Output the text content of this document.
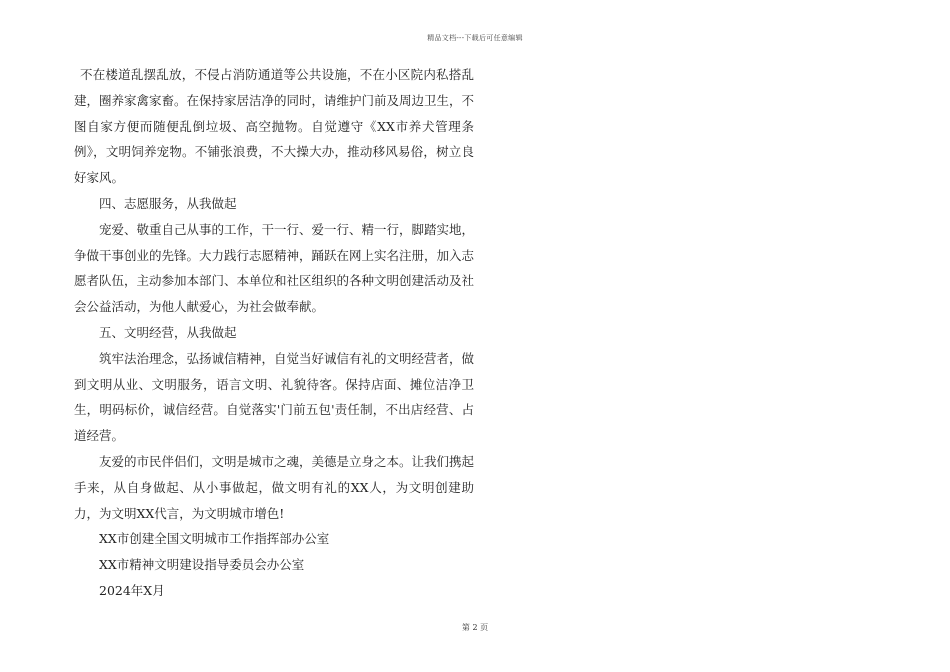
精品文档---下载后可任意编辑

不在楼道乱摆乱放，不侵占消防通道等公共设施，不在小区院内私搭乱建，圈养家禽家畜。在保持家居洁净的同时，请维护门前及周边卫生，不图自家方便而随便乱倒垃圾、高空抛物。自觉遵守《XX市养犬管理条例》，文明饲养宠物。不铺张浪费，不大操大办，推动移风易俗，树立良好家风。

四、志愿服务，从我做起

宠爱、敬重自己从事的工作，干一行、爱一行、精一行，脚踏实地，争做干事创业的先锋。大力践行志愿精神，踊跃在网上实名注册，加入志愿者队伍，主动参加本部门、本单位和社区组织的各种文明创建活动及社会公益活动，为他人献爱心，为社会做奉献。

五、文明经营，从我做起

筑牢法治理念，弘扬诚信精神，自觉当好诚信有礼的文明经营者，做到文明从业、文明服务，语言文明、礼貌待客。保持店面、摊位洁净卫生，明码标价，诚信经营。自觉落实'门前五包'责任制，不出店经营、占道经营。

友爱的市民伴侣们，文明是城市之魂，美德是立身之本。让我们携起手来，从自身做起、从小事做起，做文明有礼的XX人，为文明创建助力，为文明XX代言，为文明城市增色!

XX市创建全国文明城市工作指挥部办公室

XX市精神文明建设指导委员会办公室

2024年X月

第 2 页
